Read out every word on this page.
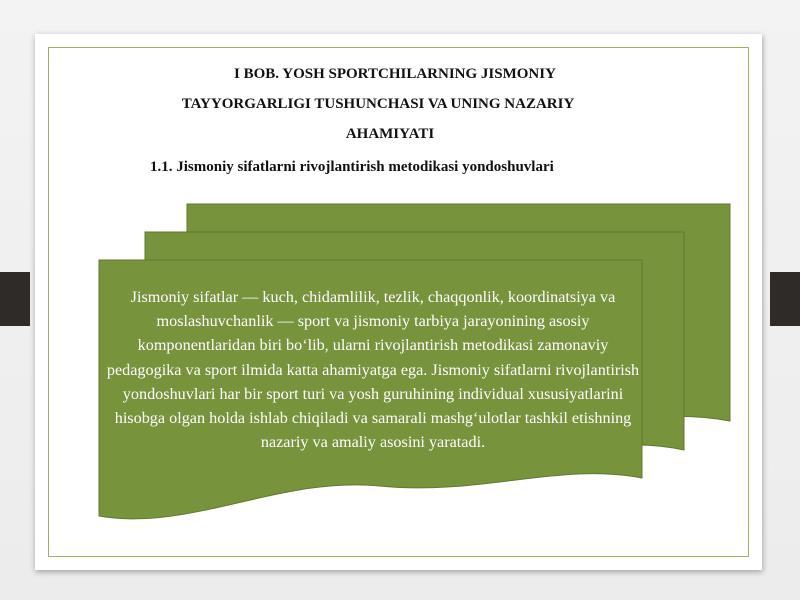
I BOB. YOSH SPORTCHILARNING JISMONIY
TAYYORGARLIGI TUSHUNCHASI VA UNING NAZARIY
AHAMIYATI
1.1. Jismoniy sifatlarni rivojlantirish metodikasi yondoshuvlari
Jismoniy sifatlar — kuch, chidamlilik, tezlik, chaqqonlik, koordinatsiya va moslashuvchanlik — sport va jismoniy tarbiya jarayonining asosiy komponentlaridan biri bo‘lib, ularni rivojlantirish metodikasi zamonaviy pedagogika va sport ilmida katta ahamiyatga ega. Jismoniy sifatlarni rivojlantirish yondoshuvlari har bir sport turi va yosh guruhining individual xususiyatlarini hisobga olgan holda ishlab chiqiladi va samarali mashg‘ulotlar tashkil etishning nazariy va amaliy asosini yaratadi.
